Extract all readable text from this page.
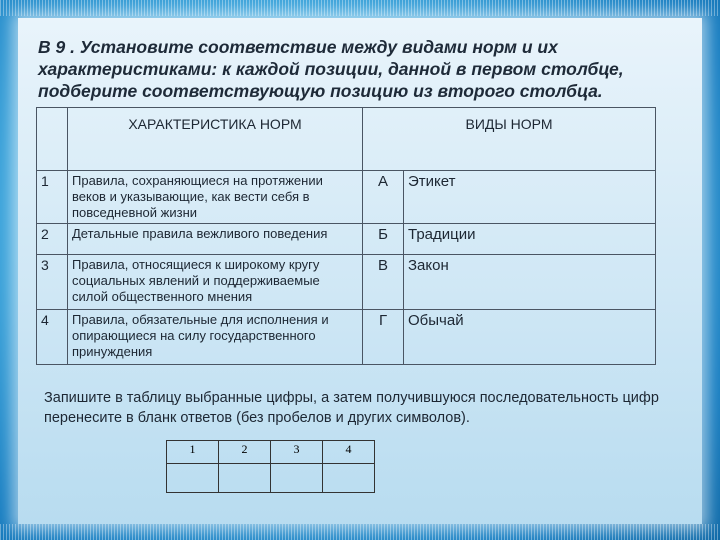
В 9 . Установите соответствие между видами норм и их характеристиками: к каждой позиции, данной в первом столбце, подберите соответствующую позицию из второго столбца.

	ХАРАКТЕРИСТИКА НОРМ	ВИДЫ НОРМ	
1	Правила, сохраняющиеся на протяжении веков и указывающие, как вести себя в повседневной жизни	А	Этикет
2	Детальные правила вежливого поведения	Б	Традиции
3	Правила, относящиеся к широкому кругу социальных явлений и поддерживаемые силой общественного мнения	В	Закон
4	Правила, обязательные для исполнения и опирающиеся на силу государственного принуждения	Г	Обычай

Запишите в таблицу выбранные цифры, а затем получившуюся последовательность цифр перенесите в бланк ответов (без пробелов и других символов).

1	2	3	4
